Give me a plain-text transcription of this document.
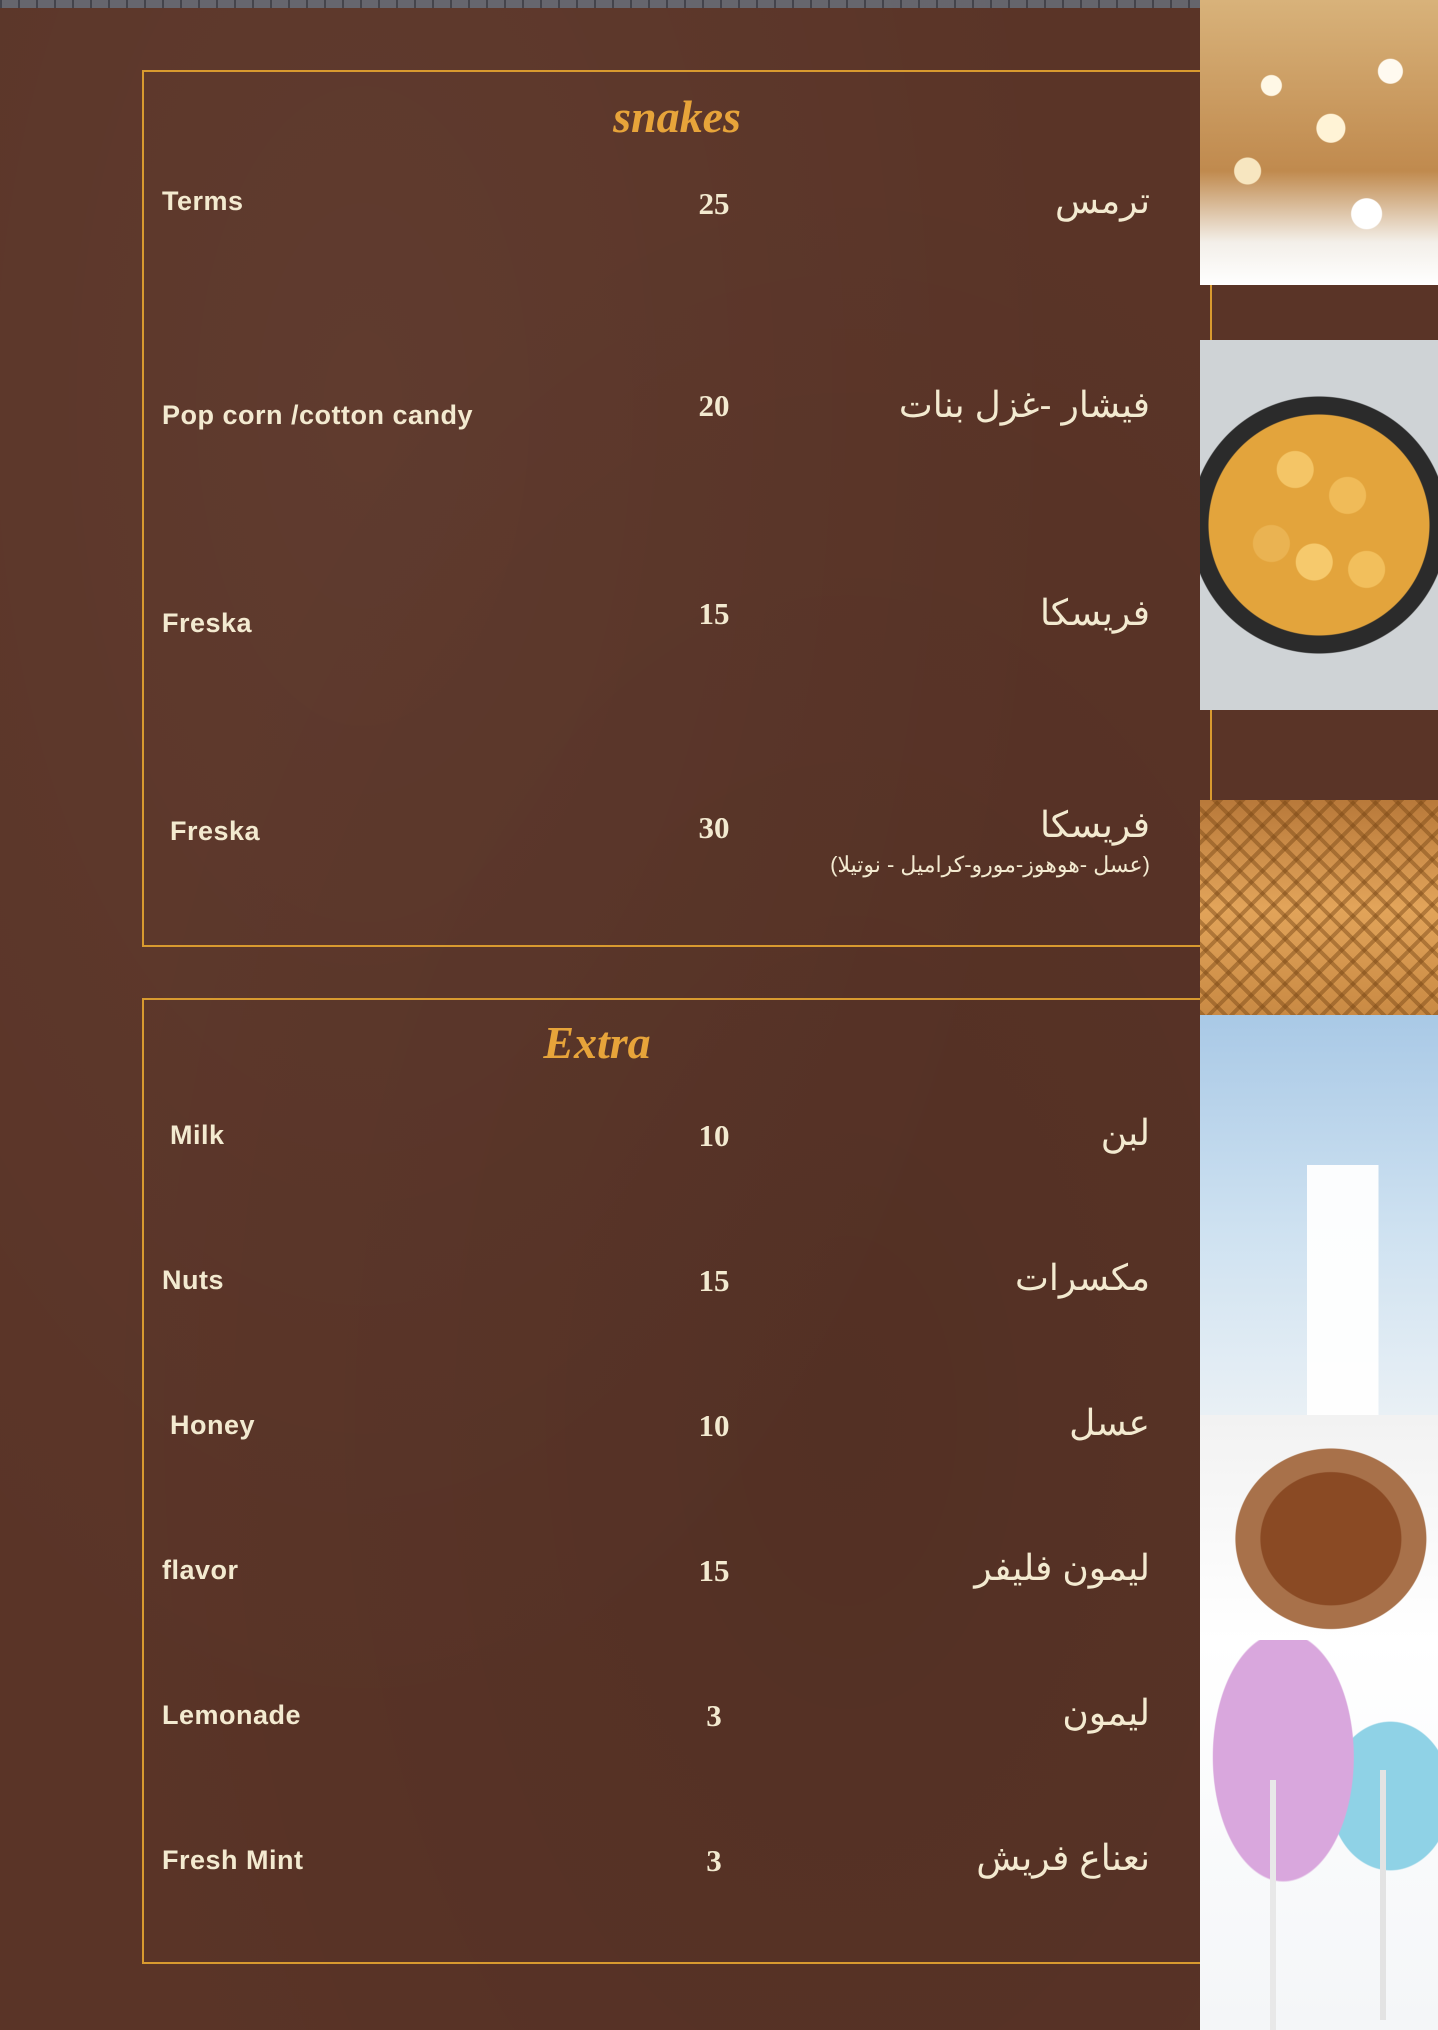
snakes
Terms	25	ترمس
Pop corn /cotton candy	20	فيشار -غزل بنات
Freska	15	فريسكا
Freska	30	فريسكا
(عسل -هوهوز-مورو-كراميل - نوتيلا)
Extra
Milk	10	لبن
Nuts	15	مكسرات
Honey	10	عسل
flavor	15	ليمون فليفر
Lemonade	3	ليمون
Fresh Mint	3	نعناع فريش
